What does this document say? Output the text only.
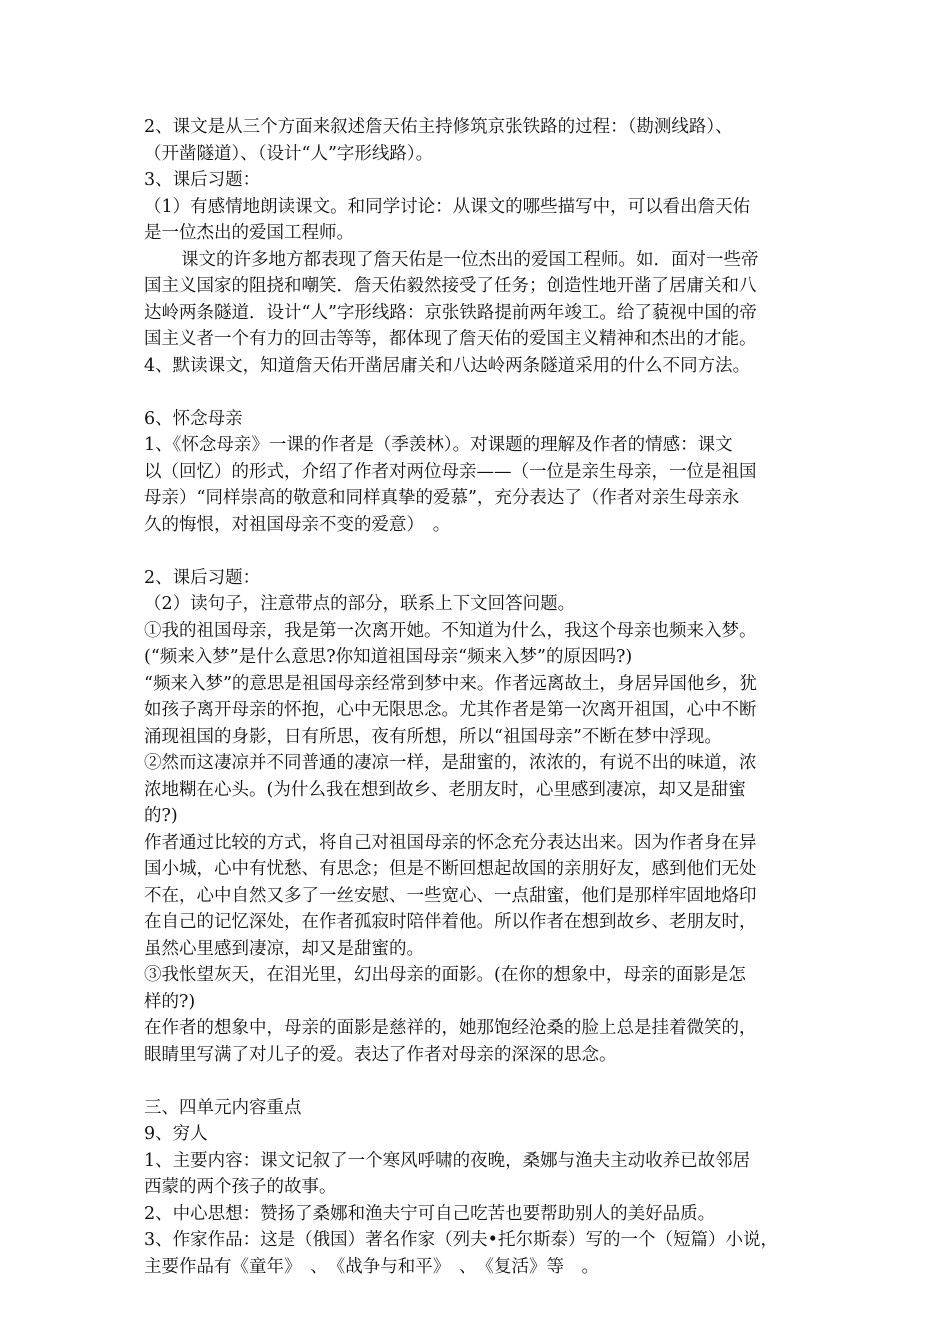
2、课文是从三个方面来叙述詹天佑主持修筑京张铁路的过程：（勘测线路）、
（开凿隧道）、（设计“人”字形线路）。
3、课后习题：
（1）有感情地朗读课文。和同学讨论：从课文的哪些描写中，可以看出詹天佑
是一位杰出的爱国工程师。
课文的许多地方都表现了詹天佑是一位杰出的爱国工程师。如．面对一些帝
国主义国家的阻挠和嘲笑．詹天佑毅然接受了任务；创造性地开凿了居庸关和八
达岭两条隧道．设计“人”字形线路：京张铁路提前两年竣工。给了藐视中国的帝
国主义者一个有力的回击等等，都体现了詹天佑的爱国主义精神和杰出的才能。
4、默读课文，知道詹天佑开凿居庸关和八达岭两条隧道采用的什么不同方法。
6、怀念母亲
1、《怀念母亲》一课的作者是（季羡林）。对课题的理解及作者的情感：课文
以（回忆）的形式，介绍了作者对两位母亲——（一位是亲生母亲，一位是祖国
母亲）“同样崇高的敬意和同样真挚的爱慕”，充分表达了（作者对亲生母亲永
久的悔恨，对祖国母亲不变的爱意）　。
2、课后习题：
（2）读句子，注意带点的部分，联系上下文回答问题。
①我的祖国母亲，我是第一次离开她。不知道为什么，我这个母亲也频来入梦。
(“频来入梦”是什么意思?你知道祖国母亲“频来入梦”的原因吗?)
“频来入梦”的意思是祖国母亲经常到梦中来。作者远离故土，身居异国他乡，犹
如孩子离开母亲的怀抱，心中无限思念。尤其作者是第一次离开祖国，心中不断
涌现祖国的身影，日有所思，夜有所想，所以“祖国母亲”不断在梦中浮现。
②然而这凄凉并不同普通的凄凉一样，是甜蜜的，浓浓的，有说不出的味道，浓
浓地糊在心头。(为什么我在想到故乡、老朋友时，心里感到凄凉，却又是甜蜜
的?)
作者通过比较的方式，将自己对祖国母亲的怀念充分表达出来。因为作者身在异
国小城，心中有忧愁、有思念；但是不断回想起故国的亲朋好友，感到他们无处
不在，心中自然又多了一丝安慰、一些宽心、一点甜蜜，他们是那样牢固地烙印
在自己的记忆深处，在作者孤寂时陪伴着他。所以作者在想到故乡、老朋友时，
虽然心里感到凄凉，却又是甜蜜的。
③我怅望灰天，在泪光里，幻出母亲的面影。(在你的想象中，母亲的面影是怎
样的?)
在作者的想象中，母亲的面影是慈祥的，她那饱经沧桑的脸上总是挂着微笑的，
眼睛里写满了对儿子的爱。表达了作者对母亲的深深的思念。
三、四单元内容重点
9、穷人
1、主要内容：课文记叙了一个寒风呼啸的夜晚，桑娜与渔夫主动收养已故邻居
西蒙的两个孩子的故事。
2、中心思想：赞扬了桑娜和渔夫宁可自己吃苦也要帮助别人的美好品质。
3、作家作品：这是（俄国）著名作家（列夫•托尔斯泰）写的一个（短篇）小说，
主要作品有《童年》　、　《战争与和平》　、　《复活》等　。
